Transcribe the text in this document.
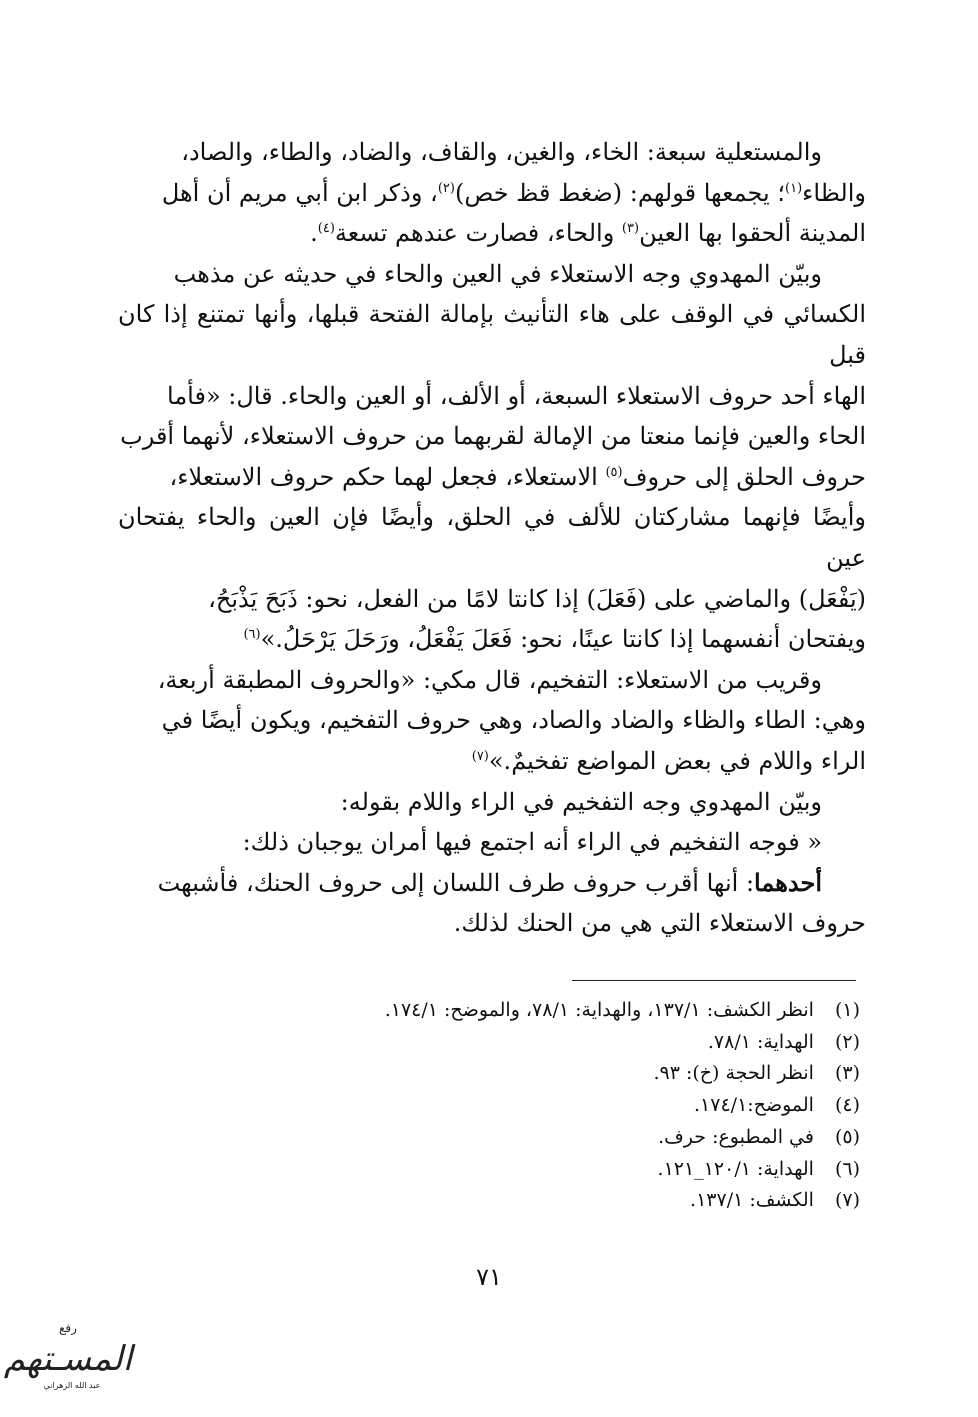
والمستعلية سبعة: الخاء، والغين، والقاف، والضاد، والطاء، والصاد،
والظاء$^{(١)}$؛ يجمعها قولهم: (ضغط قظ خص)$^{(٢)}$، وذكر ابن أبي مريم أن أهل
المدينة ألحقوا بها العين$^{(٣)}$ والحاء، فصارت عندهم تسعة$^{(٤)}$.

وبيّن المهدوي وجه الاستعلاء في العين والحاء في حديثه عن مذهب
الكسائي في الوقف على هاء التأنيث بإمالة الفتحة قبلها، وأنها تمتنع إذا كان قبل
الهاء أحد حروف الاستعلاء السبعة، أو الألف، أو العين والحاء. قال: «فأما
الحاء والعين فإنما منعتا من الإمالة لقربهما من حروف الاستعلاء، لأنهما أقرب
حروف الحلق إلى حروف$^{(٥)}$ الاستعلاء، فجعل لهما حكم حروف الاستعلاء،
وأيضًا فإنهما مشاركتان للألف في الحلق، وأيضًا فإن العين والحاء يفتحان عين
(يَفْعَل) والماضي على (فَعَلَ) إذا كانتا لامًا من الفعل، نحو: ذَبَحَ يَذْبَحُ،
ويفتحان أنفسهما إذا كانتا عينًا، نحو: فَعَلَ يَفْعَلُ، ورَحَلَ يَرْحَلُ.»$^{(٦)}$

وقريب من الاستعلاء: التفخيم، قال مكي: «والحروف المطبقة أربعة،
وهي: الطاء والظاء والضاد والصاد، وهي حروف التفخيم، ويكون أيضًا في
الراء واللام في بعض المواضع تفخيمٌ.»$^{(٧)}$

وبيّن المهدوي وجه التفخيم في الراء واللام بقوله:

« فوجه التفخيم في الراء أنه اجتمع فيها أمران يوجبان ذلك:

أحدهما: أنها أقرب حروف طرف اللسان إلى حروف الحنك، فأشبهت
حروف الاستعلاء التي هي من الحنك لذلك.

(١) انظر الكشف: ١٣٧/١، والهداية: ٧٨/١، والموضح: ١٧٤/١.
(٢) الهداية: ٧٨/١.
(٣) انظر الحجة (خ): ٩٣.
(٤) الموضح:١٧٤/١.
(٥) في المطبوع: حرف.
(٦) الهداية: ١٢٠/١_١٢١.
(٧) الكشف: ١٣٧/١.
٧١
رفع
المسـتهم
عبد الله الزهراني
